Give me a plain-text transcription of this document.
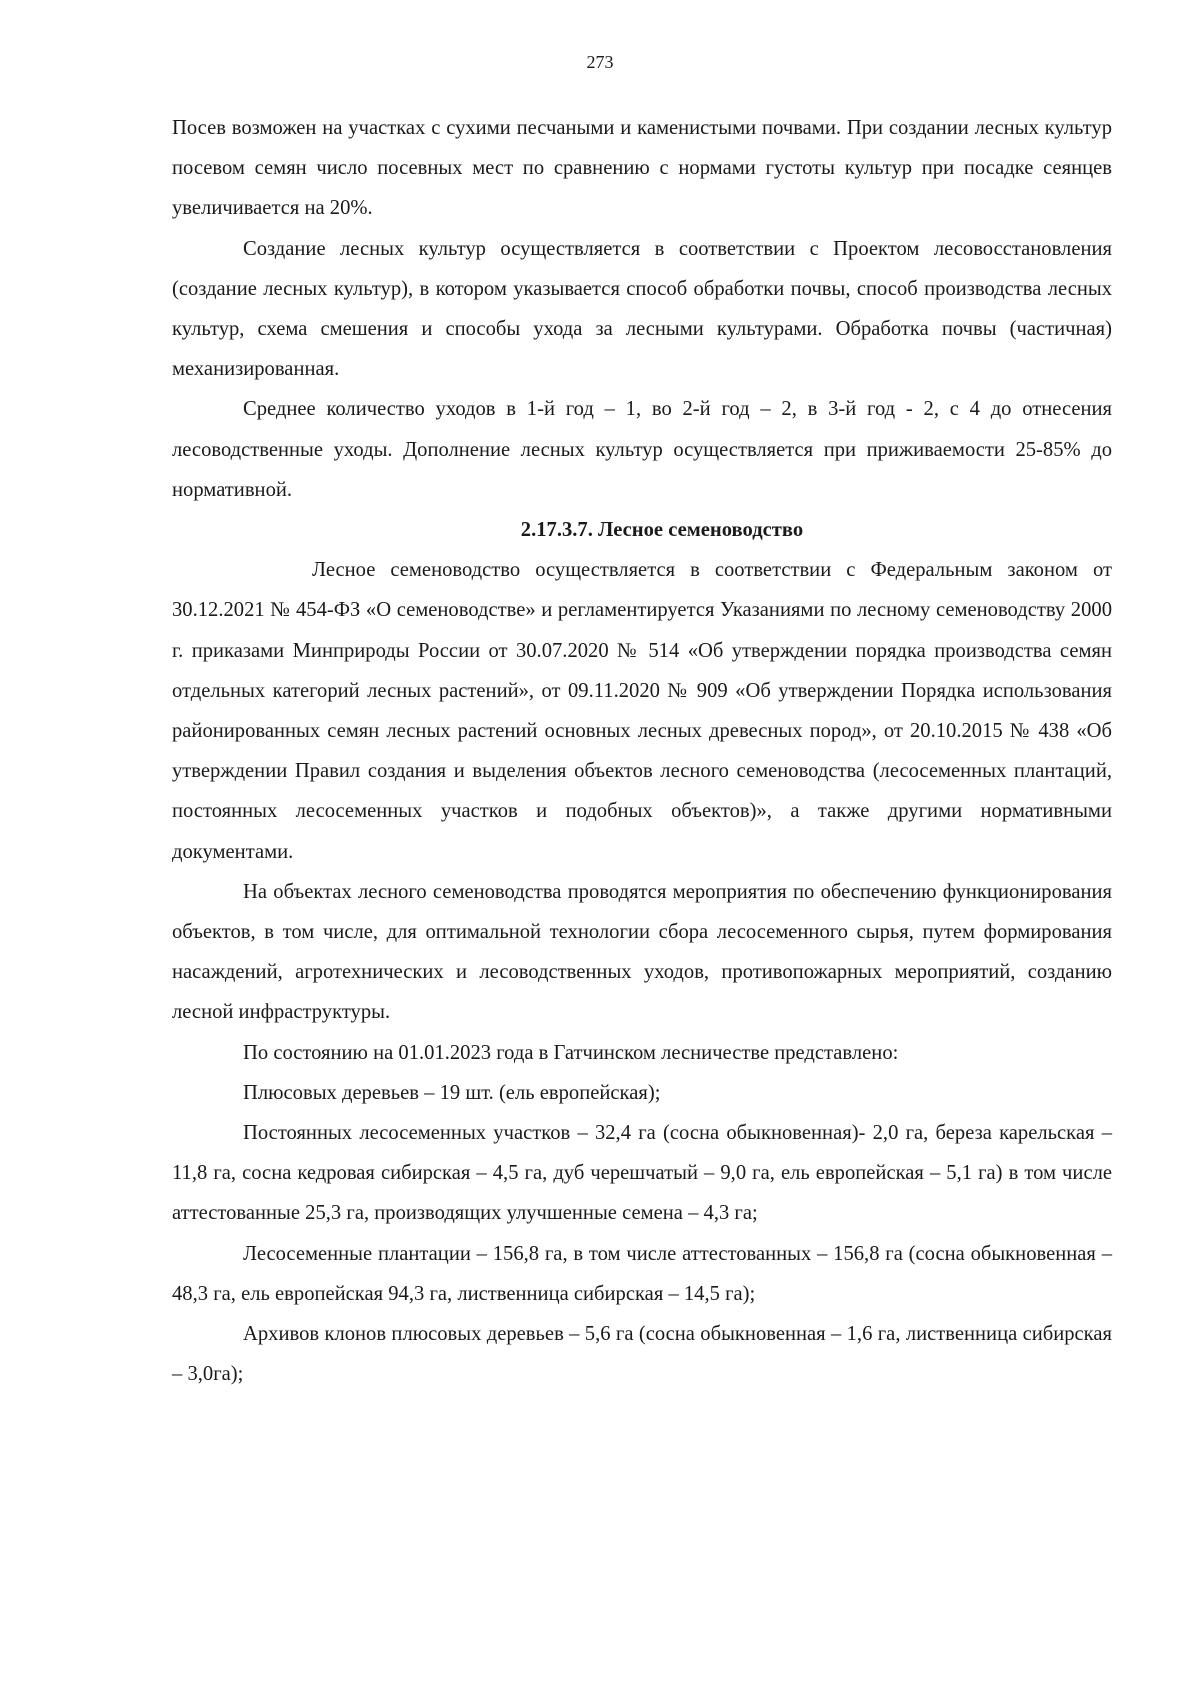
273

Посев возможен на участках с сухими песчаными и каменистыми почвами. При создании лесных культур посевом семян число посевных мест по сравнению с нормами густоты культур при посадке сеянцев увеличивается на 20%.

Создание лесных культур осуществляется в соответствии с Проектом лесовосстановления (создание лесных культур), в котором указывается способ обработки почвы, способ производства лесных культур, схема смешения и способы ухода за лесными культурами. Обработка почвы (частичная) механизированная.

Среднее количество уходов в 1-й год – 1, во 2-й год – 2, в 3-й год - 2, с 4 до отнесения лесоводственные уходы. Дополнение лесных культур осуществляется при приживаемости 25-85% до нормативной.

2.17.3.7. Лесное семеноводство

Лесное семеноводство осуществляется в соответствии с Федеральным законом от 30.12.2021 № 454-ФЗ «О семеноводстве» и регламентируется Указаниями по лесному семеноводству 2000 г. приказами Минприроды России от 30.07.2020 № 514 «Об утверждении порядка производства семян отдельных категорий лесных растений», от 09.11.2020 № 909 «Об утверждении Порядка использования районированных семян лесных растений основных лесных древесных пород», от 20.10.2015 № 438 «Об утверждении Правил создания и выделения объектов лесного семеноводства (лесосеменных плантаций, постоянных лесосеменных участков и подобных объектов)», а также другими нормативными документами.

На объектах лесного семеноводства проводятся мероприятия по обеспечению функционирования объектов, в том числе, для оптимальной технологии сбора лесосеменного сырья, путем формирования насаждений, агротехнических и лесоводственных уходов, противопожарных мероприятий, созданию лесной инфраструктуры.

По состоянию на 01.01.2023 года в Гатчинском лесничестве представлено:

Плюсовых деревьев – 19 шт. (ель европейская);

Постоянных лесосеменных участков – 32,4 га (сосна обыкновенная)- 2,0 га, береза карельская – 11,8 га, сосна кедровая сибирская – 4,5 га, дуб черешчатый – 9,0 га, ель европейская – 5,1 га) в том числе аттестованные 25,3 га, производящих улучшенные семена – 4,3 га;

Лесосеменные плантации – 156,8 га, в том числе аттестованных – 156,8 га (сосна обыкновенная – 48,3 га, ель европейская 94,3 га, лиственница сибирская – 14,5 га);

Архивов клонов плюсовых деревьев – 5,6 га (сосна обыкновенная – 1,6 га, лиственница сибирская – 3,0га);
